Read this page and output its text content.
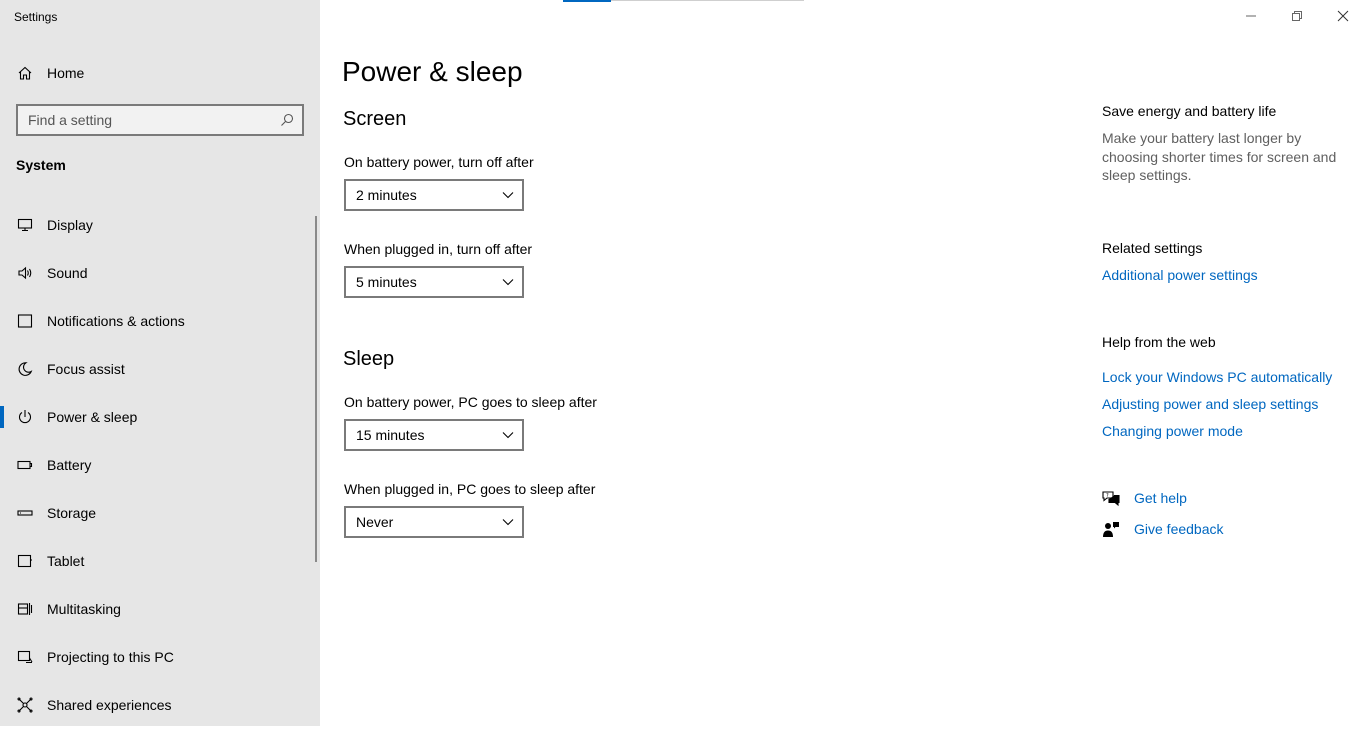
Settings
Home
Find a setting
System
Display
Sound
Notifications & actions
Focus assist
Power & sleep
Battery
Storage
Tablet
Multitasking
Projecting to this PC
Shared experiences
Power & sleep
Screen
On battery power, turn off after
2 minutes
When plugged in, turn off after
5 minutes
Sleep
On battery power, PC goes to sleep after
15 minutes
When plugged in, PC goes to sleep after
Never
Save energy and battery life
Make your battery last longer by choosing shorter times for screen and sleep settings.
Related settings
Additional power settings
Help from the web
Lock your Windows PC automatically
Adjusting power and sleep settings
Changing power mode
? Get help
Give feedback
